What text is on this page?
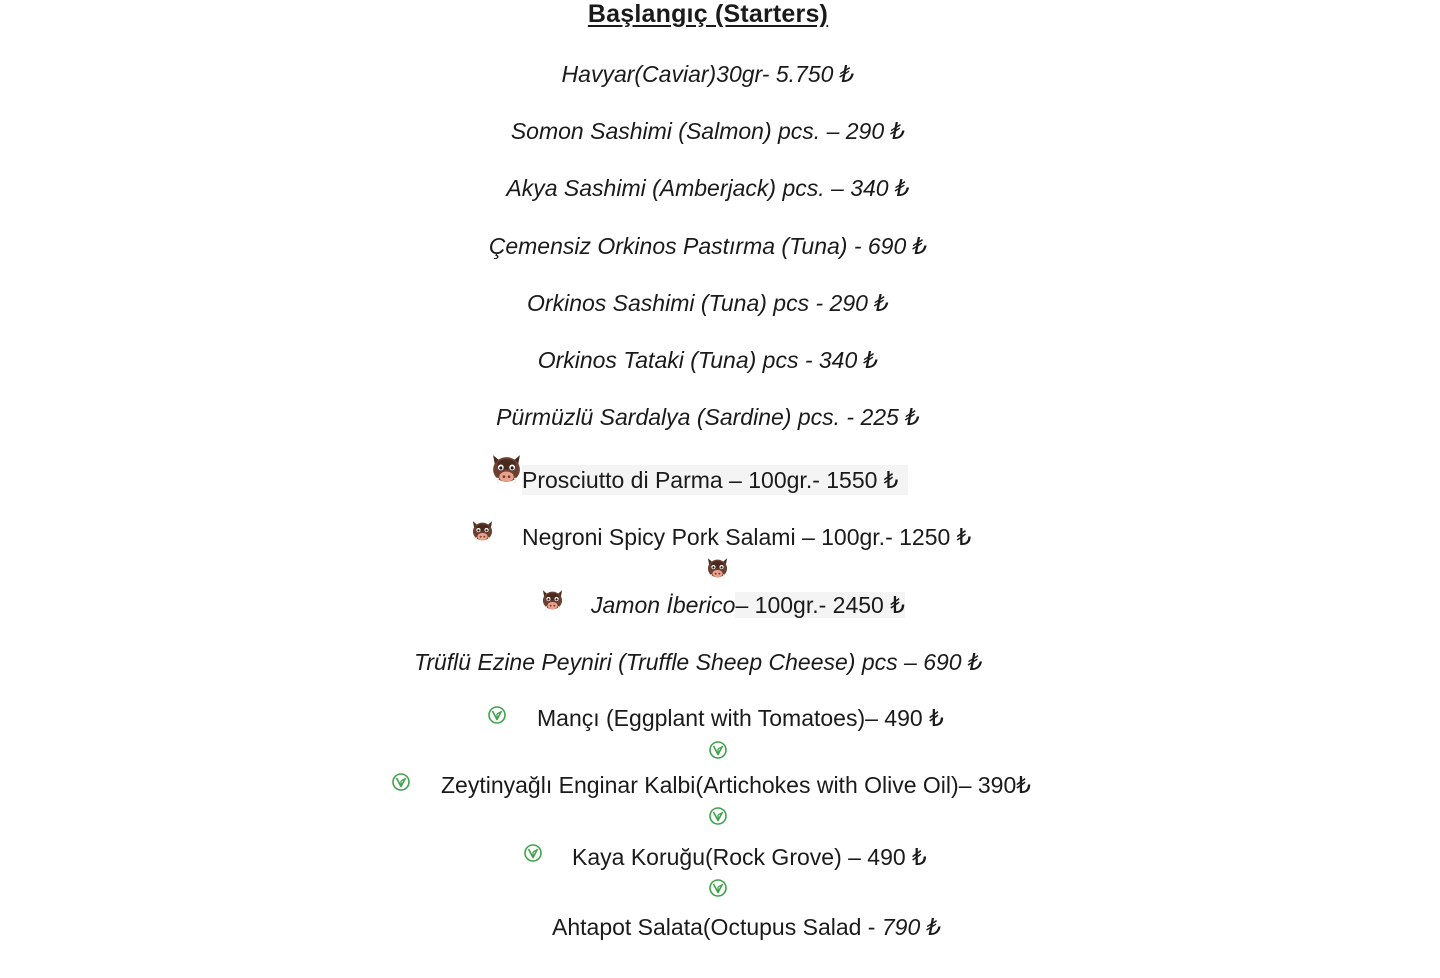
Başlangıç (Starters)
Havyar(Caviar)30gr- 5.750 ₺
Somon Sashimi (Salmon) pcs. – 290 ₺
Akya Sashimi (Amberjack) pcs. – 340 ₺
Çemensiz Orkinos Pastırma (Tuna) - 690 ₺
Orkinos Sashimi (Tuna) pcs - 290 ₺
Orkinos Tataki (Tuna) pcs - 340 ₺
Pürmüzlü Sardalya (Sardine) pcs. - 225 ₺
Prosciutto di Parma – 100gr.- 1550 ₺
Negroni Spicy Pork Salami – 100gr.- 1250 ₺
Jamon İberico– 100gr.- 2450 ₺
Trüflü Ezine Peyniri (Truffle Sheep Cheese) pcs – 690 ₺
Mançı (Eggplant with Tomatoes)– 490 ₺
Zeytinyağlı Enginar Kalbi(Artichokes with Olive Oil)– 390₺
Kaya Koruğu(Rock Grove) – 490 ₺
Ahtapot Salata(Octupus Salad - 790 ₺
